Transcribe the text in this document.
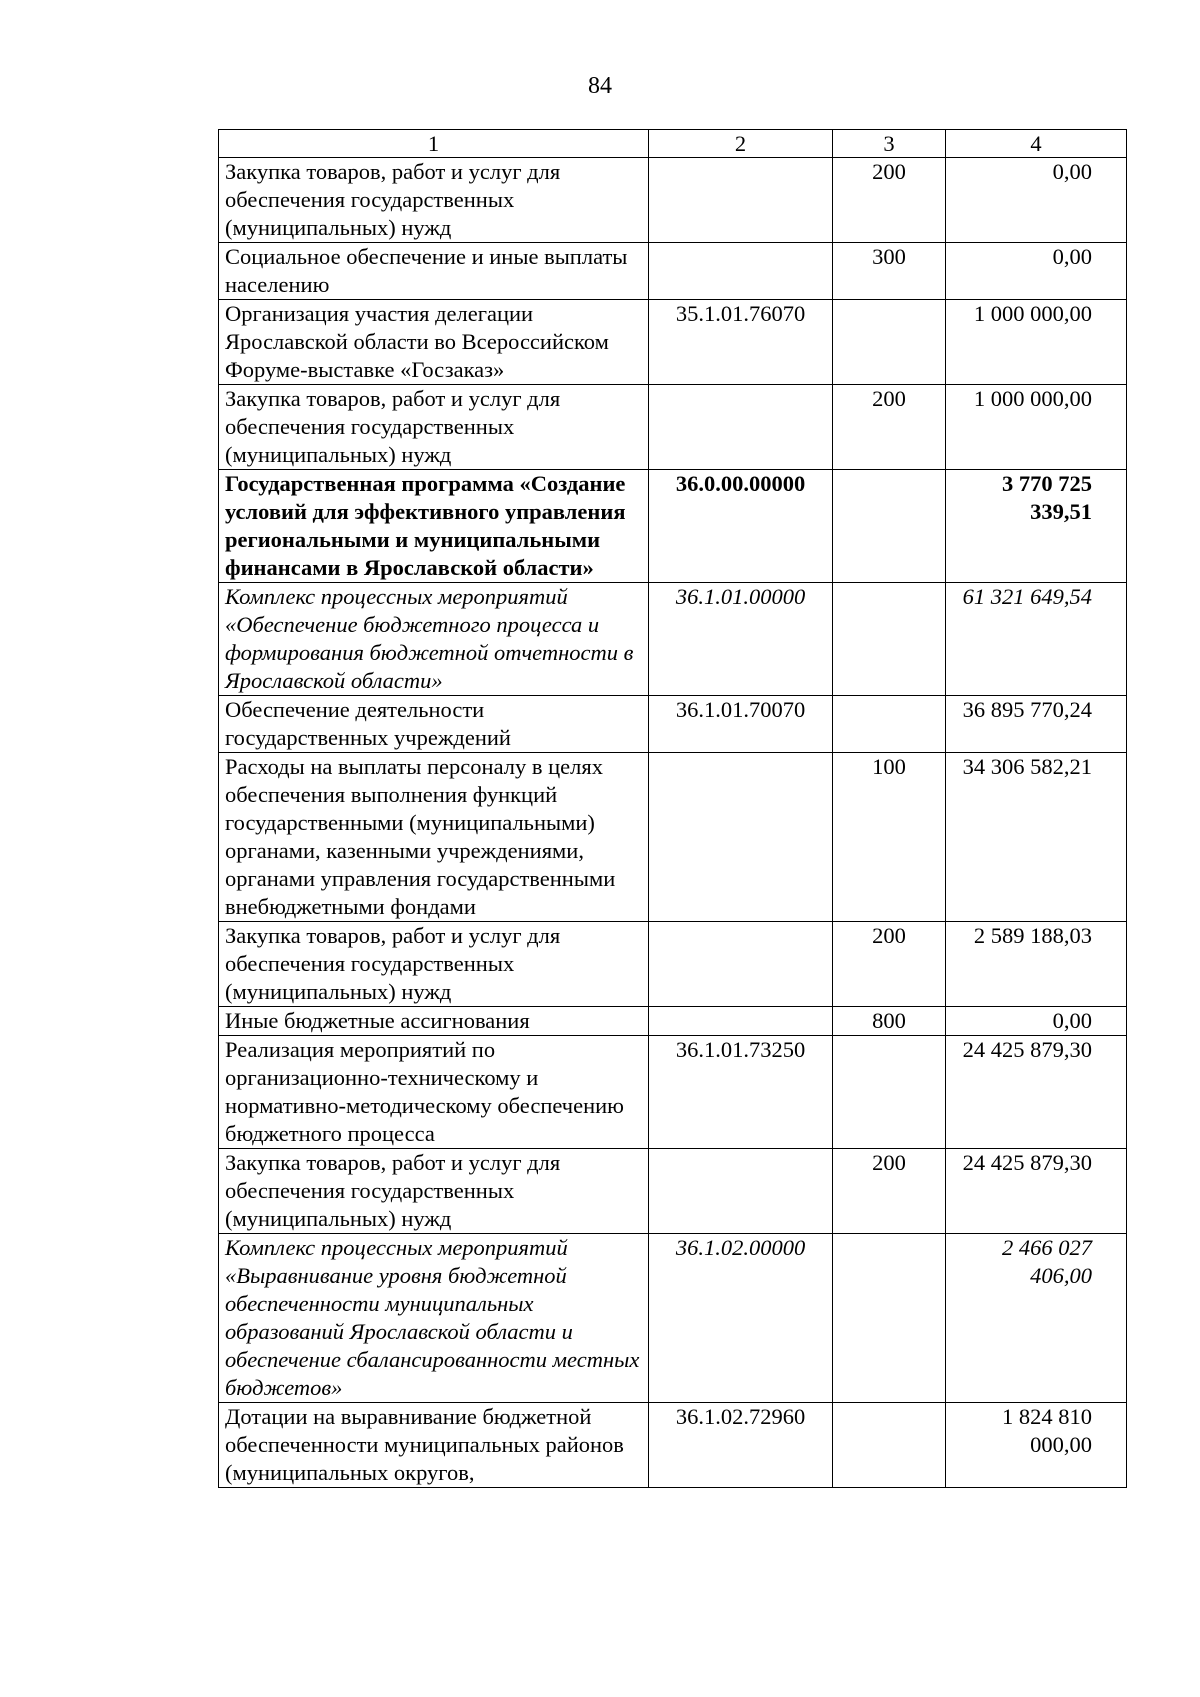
84
1	2	3	4
Закупка товаров, работ и услуг для обеспечения государственных (муниципальных) нужд		200	0,00
Социальное обеспечение и иные выплаты населению		300	0,00
Организация участия делегации Ярославской области во Всероссийском Форуме-выставке «Госзаказ»	35.1.01.76070		1 000 000,00
Закупка товаров, работ и услуг для обеспечения государственных (муниципальных) нужд		200	1 000 000,00
Государственная программа «Создание условий для эффективного управления региональными и муниципальными финансами в Ярославской области»	36.0.00.00000		3 770 725 339,51
Комплекс процессных мероприятий «Обеспечение бюджетного процесса и формирования бюджетной отчетности в Ярославской области»	36.1.01.00000		61 321 649,54
Обеспечение деятельности государственных учреждений	36.1.01.70070		36 895 770,24
Расходы на выплаты персоналу в целях обеспечения выполнения функций государственными (муниципальными) органами, казенными учреждениями, органами управления государственными внебюджетными фондами		100	34 306 582,21
Закупка товаров, работ и услуг для обеспечения государственных (муниципальных) нужд		200	2 589 188,03
Иные бюджетные ассигнования		800	0,00
Реализация мероприятий по организационно-техническому и нормативно-методическому обеспечению бюджетного процесса	36.1.01.73250		24 425 879,30
Закупка товаров, работ и услуг для обеспечения государственных (муниципальных) нужд		200	24 425 879,30
Комплекс процессных мероприятий «Выравнивание уровня бюджетной обеспеченности муниципальных образований Ярославской области и обеспечение сбалансированности местных бюджетов»	36.1.02.00000		2 466 027 406,00
Дотации на выравнивание бюджетной обеспеченности муниципальных районов (муниципальных округов,	36.1.02.72960		1 824 810 000,00
